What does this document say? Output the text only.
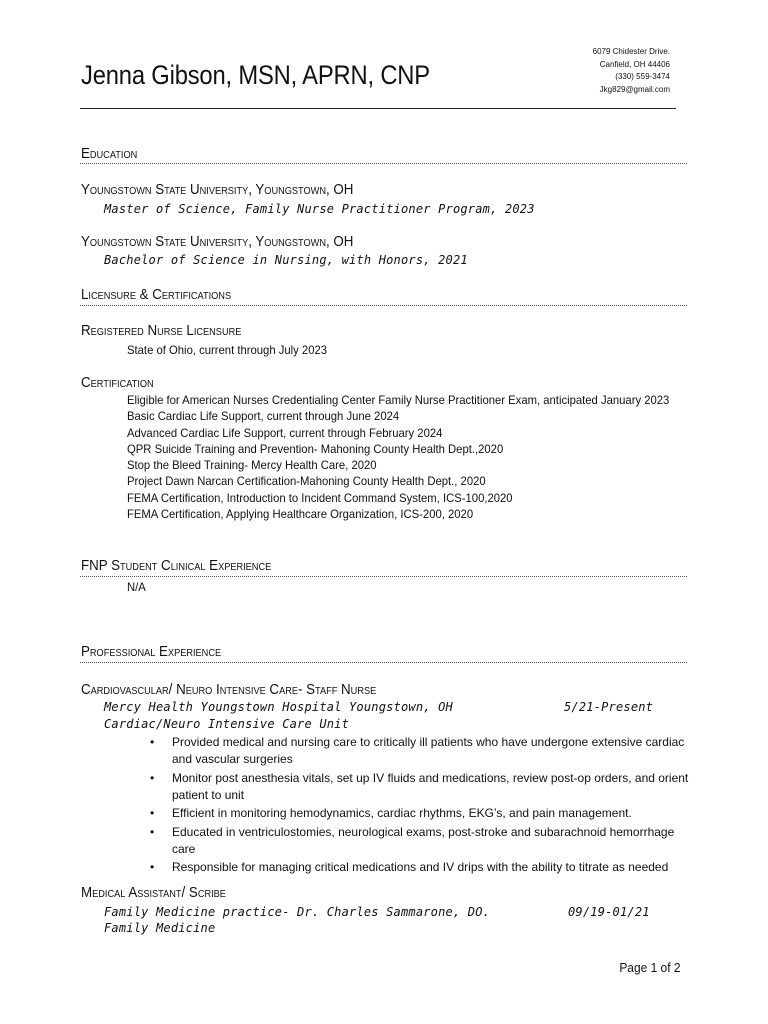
Jenna Gibson, MSN, APRN, CNP
6079 Chidester Drive.
Canfield, OH 44406
(330) 559-3474
Jkg829@gmail.com
Education
Youngstown State University, Youngstown, OH
Master of Science, Family Nurse Practitioner Program, 2023
Youngstown State University, Youngstown, OH
Bachelor of Science in Nursing, with Honors, 2021
Licensure & Certifications
Registered Nurse Licensure
State of Ohio, current through July 2023
Certification
Eligible for American Nurses Credentialing Center Family Nurse Practitioner Exam, anticipated January 2023
Basic Cardiac Life Support, current through June 2024
Advanced Cardiac Life Support, current through February 2024
QPR Suicide Training and Prevention- Mahoning County Health Dept.,2020
Stop the Bleed Training- Mercy Health Care, 2020
Project Dawn Narcan Certification-Mahoning County Health Dept., 2020
FEMA Certification, Introduction to Incident Command System, ICS-100,2020
FEMA Certification, Applying Healthcare Organization, ICS-200, 2020
FNP Student Clinical Experience
N/A
Professional Experience
Cardiovascular/ Neuro Intensive Care- Staff Nurse
Mercy Health Youngstown Hospital Youngstown, OH	5/21-Present
Cardiac/Neuro Intensive Care Unit
• Provided medical and nursing care to critically ill patients who have undergone extensive cardiac and vascular surgeries
• Monitor post anesthesia vitals, set up IV fluids and medications, review post-op orders, and orient patient to unit
• Efficient in monitoring hemodynamics, cardiac rhythms, EKG’s, and pain management.
• Educated in ventriculostomies, neurological exams, post-stroke and subarachnoid hemorrhage care
• Responsible for managing critical medications and IV drips with the ability to titrate as needed
Medical Assistant/ Scribe
Family Medicine practice- Dr. Charles Sammarone, DO.	09/19-01/21
Family Medicine
Page 1 of 2
